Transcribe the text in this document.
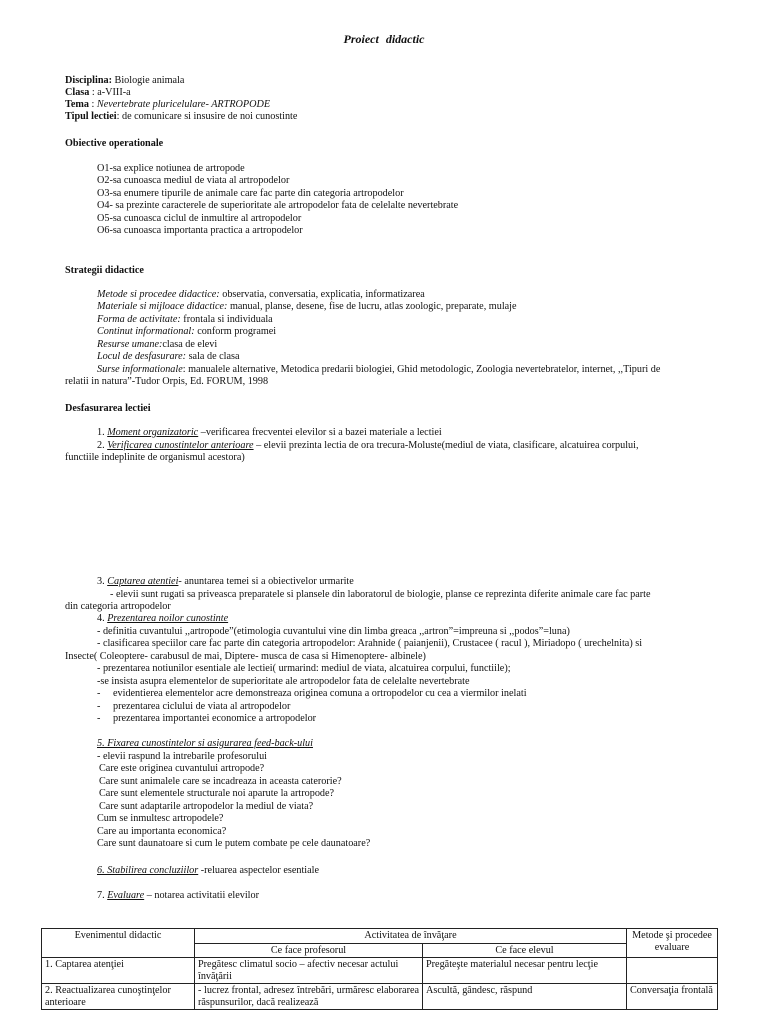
Proiect didactic
Disciplina: Biologie animala
Clasa : a-VIII-a
Tema : Nevertebrate pluricelulare- ARTROPODE
Tipul lectiei: de comunicare si insusire de noi cunostinte
Obiective operationale
O1-sa explice notiunea de artropode
O2-sa cunoasca mediul de viata al artropodelor
O3-sa enumere tipurile de animale care fac parte din categoria artropodelor
O4- sa prezinte caracterele de superioritate ale artropodelor fata de celelalte nevertebrate
O5-sa cunoasca ciclul de inmultire al artropodelor
O6-sa cunoasca importanta practica a artropodelor
Strategii didactice
Metode si procedee didactice: observatia, conversatia, explicatia, informatizarea
Materiale si mijloace didactice: manual, planse, desene, fise de lucru, atlas zoologic, preparate, mulaje
Forma de activitate: frontala si individuala
Continut informational: conform programei
Resurse umane:clasa de elevi
Locul de desfasurare: sala de clasa
Surse informationale: manualele alternative, Metodica predarii biologiei, Ghid metodologic, Zoologia nevertebratelor, internet, ,,Tipuri de
relatii in natura”-Tudor Orpis, Ed. FORUM, 1998
Desfasurarea lectiei
1. Moment organizatoric –verificarea frecventei elevilor si a bazei materiale a lectiei
2. Verificarea cunostintelor anterioare – elevii prezinta lectia de ora trecura-Moluste(mediul de viata, clasificare, alcatuirea corpului,
functiile indeplinite de organismul acestora)
3. Captarea atentiei- anuntarea temei si a obiectivelor urmarite
- elevii sunt rugati sa priveasca preparatele si plansele din laboratorul de biologie, planse ce reprezinta diferite animale care fac parte
din categoria artropodelor
4. Prezentarea noilor cunostinte
- definitia cuvantului ,,artropode”(etimologia cuvantului vine din limba greaca ,,artron”=impreuna si ,,podos”=luna)
- clasificarea speciilor care fac parte din categoria artropodelor: Arahnide ( paianjenii), Crustacee ( racul ), Miriadopo ( urechelnita) si
Insecte( Coleoptere- carabusul de mai, Diptere- musca de casa si Himenoptere- albinele)
- prezentarea notiunilor esentiale ale lectiei( urmarind: mediul de viata, alcatuirea corpului, functiile);
-se insista asupra elementelor de superioritate ale artropodelor fata de celelalte nevertebrate
- evidentierea elementelor acre demonstreaza originea comuna a ortropodelor cu cea a viermilor inelati
- prezentarea ciclului de viata al artropodelor
- prezentarea importantei economice a artropodelor
5. Fixarea cunostintelor si asigurarea feed-back-ului
- elevii raspund la intrebarile profesorului
Care este originea cuvantului artropode?
Care sunt animalele care se incadreaza in aceasta caterorie?
Care sunt elementele structurale noi aparute la artropode?
Care sunt adaptarile artropodelor la mediul de viata?
Cum se inmultesc artropodele?
Care au importanta economica?
Care sunt daunatoare si cum le putem combate pe cele daunatoare?
6. Stabilirea concluziilor -reluarea aspectelor esentiale
7. Evaluare – notarea activitatii elevilor
Evenimentul didactic	Activitatea de învăţare		Metode şi procedee evaluare
	Ce face profesorul	Ce face elevul	
1. Captarea atenţiei	Pregătesc climatul socio – afectiv necesar actului învăţării	Pregăteşte materialul necesar pentru lecţie	
2. Reactualizarea cunoştinţelor anterioare	- lucrez frontal, adresez întrebări, urmăresc elaborarea răspunsurilor, dacă realizează	Ascultă, gândesc, răspund	Conversaţia frontală
